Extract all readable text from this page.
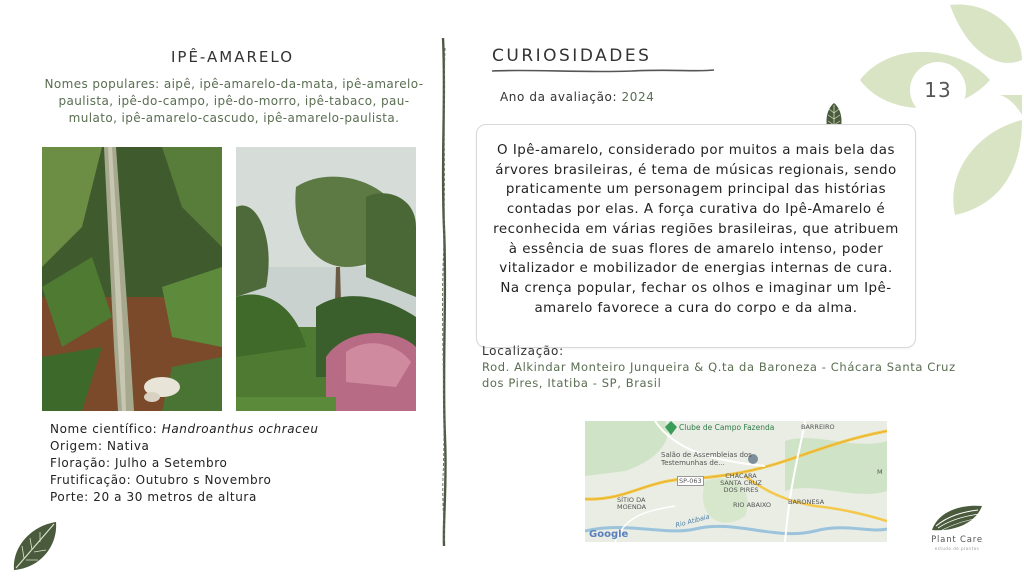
13
IPÊ-AMARELO
Nomes populares: aipê, ipê-amarelo-da-mata, ipê-amarelo-paulista, ipê-do-campo, ipê-do-morro, ipê-tabaco, pau-mulato, ipê-amarelo-cascudo, ipê-amarelo-paulista.
Nome científico: Handroanthus ochraceu
Origem: Nativa
Floração: Julho a Setembro
Frutificação: Outubro s Novembro
Porte: 20 a 30 metros de altura
CURIOSIDADES
Ano da avaliação: 2024

O Ipê-amarelo, considerado por muitos a mais bela das árvores brasileiras, é tema de músicas regionais, sendo praticamente um personagem principal das histórias contadas por elas. A força curativa do Ipê-Amarelo é reconhecida em várias regiões brasileiras, que atribuem à essência de suas flores de amarelo intenso, poder vitalizador e mobilizador de energias internas de cura. Na crença popular, fechar os olhos e imaginar um Ipê-amarelo favorece a cura do corpo e da alma.

Localização:
Rod. Alkindar Monteiro Junqueira & Q.ta da Baroneza - Chácara Santa Cruz dos Pires, Itatiba - SP, Brasil
Clube de Campo Fazenda	BARREIRO
Salão de Assembleias dos Testemunhas de...
SP-063
CHÁCARA SANTA CRUZ DOS PIRES
SÍTIO DA MOENDA
BARONESA
RIO ABAIXO
Rio Atibaia
M
Google	Plant Care
estudo de plantas
